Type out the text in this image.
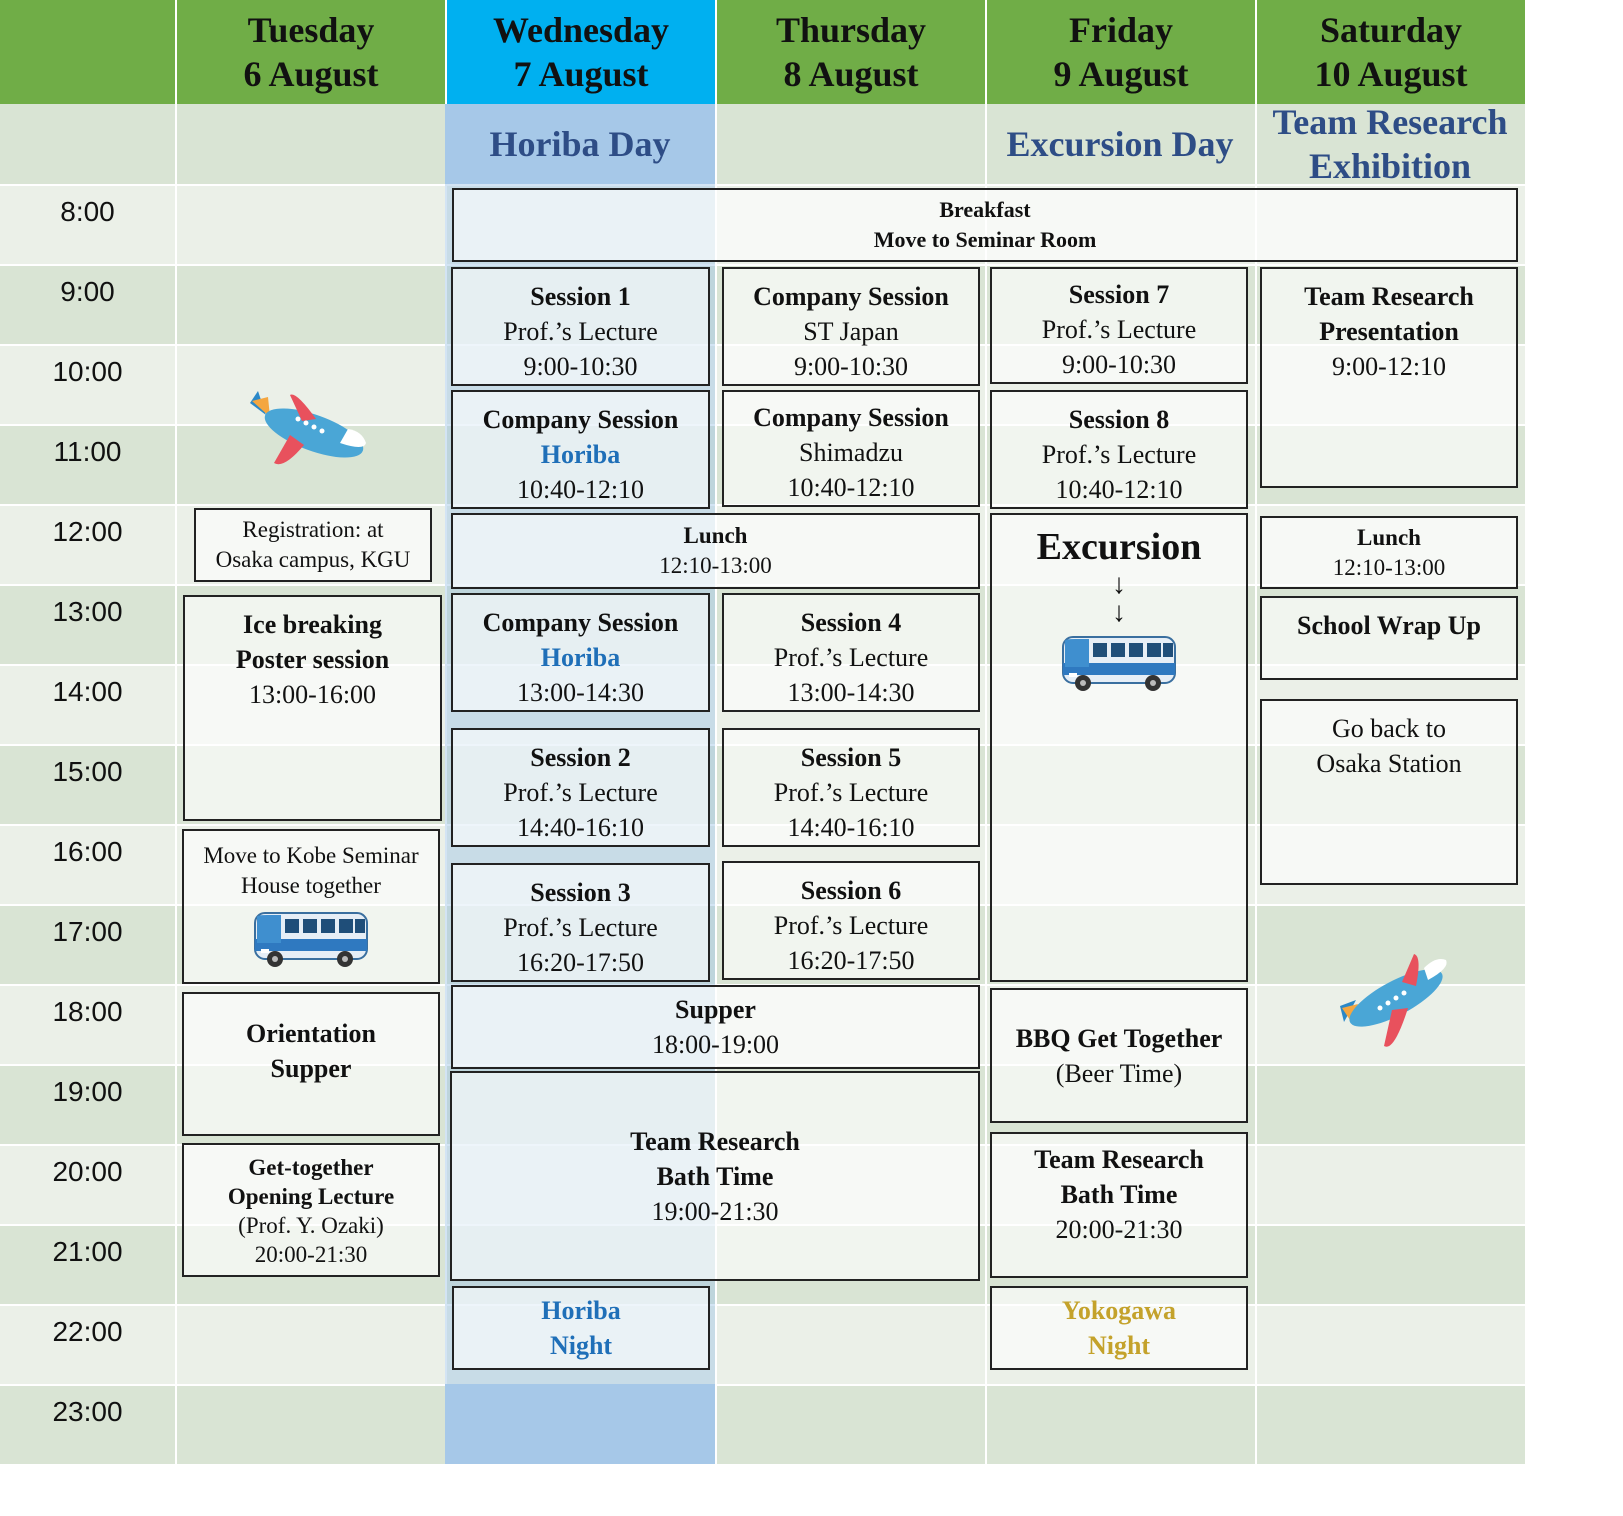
Tuesday
6 August
Wednesday
7 August
Thursday
8 August
Friday
9 August
Saturday
10 August
Horiba Day	Excursion Day
Team Research
Exhibition
8:00
9:00
10:00
11:00
12:00
13:00
14:00
15:00
16:00
17:00
18:00
19:00
20:00
21:00
22:00
23:00
Breakfast
Move to Seminar Room
Registration: at
Osaka campus, KGU
Ice breaking
Poster session
13:00-16:00
Move to Kobe Seminar
House together
Orientation
Supper
Get-together
Opening Lecture
(Prof. Y. Ozaki)
20:00-21:30
Session 1
Prof.’s Lecture
9:00-10:30
Company Session
Horiba
10:40-12:10
Lunch
12:10-13:00
Company Session
Horiba
13:00-14:30
Session 2
Prof.’s Lecture
14:40-16:10
Session 3
Prof.’s Lecture
16:20-17:50
Supper
18:00-19:00
Team Research
Bath Time
19:00-21:30
Horiba
Night
Company Session
ST Japan
9:00-10:30
Company Session
Shimadzu
10:40-12:10
Session 4
Prof.’s Lecture
13:00-14:30
Session 5
Prof.’s Lecture
14:40-16:10
Session 6
Prof.’s Lecture
16:20-17:50
Session 7
Prof.’s Lecture
9:00-10:30
Session 8
Prof.’s Lecture
10:40-12:10
Excursion
↓
↓
BBQ Get Together
(Beer Time)
Team Research
Bath Time
20:00-21:30
Yokogawa
Night
Team Research
Presentation
9:00-12:10
Lunch
12:10-13:00
School Wrap Up
Go back to
Osaka Station
